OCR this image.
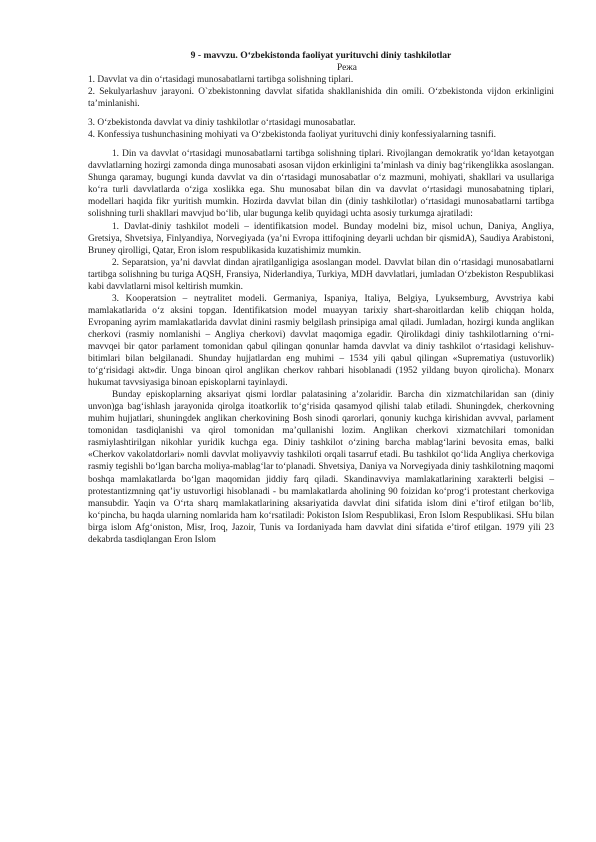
9 - mavvzu. O‘zbekistonda faoliyat yurituvchi diniy tashkilotlar

Режа

1. Davvlat va din o‘rtasidagi munosabatlarni tartibga solishning tiplari.

2. Sekulyarlashuv jarayoni. O`zbekistonning davvlat sifatida shakllanishida din omili. O‘zbekistonda vijdon erkinligini ta’minlanishi.

3. O‘zbekistonda davvlat va diniy tashkilotlar o‘rtasidagi munosabatlar.

4. Konfessiya tushunchasining mohiyati va O‘zbekistonda faoliyat yurituvchi diniy konfessiyalarning tasnifi.

1. Din va davvlat o‘rtasidagi munosabatlarni tartibga solishning tiplari. Rivojlangan demokratik yo‘ldan ketayotgan davvlatlarning hozirgi zamonda dinga munosabati asosan vijdon erkinligini ta’minlash va diniy bag‘rikenglikka asoslangan. Shunga qaramay, bugungi kunda davvlat va din o‘rtasidagi munosabatlar o‘z mazmuni, mohiyati, shakllari va usullariga ko‘ra turli davvlatlarda o‘ziga xoslikka ega. Shu munosabat bilan din va davvlat o‘rtasidagi munosabatning tiplari, modellari haqida fikr yuritish mumkin. Hozirda davvlat bilan din (diniy tashkilotlar) o‘rtasidagi munosabatlarni tartibga solishning turli shakllari mavvjud bo‘lib, ular bugunga kelib quyidagi uchta asosiy turkumga ajratiladi:

1. Davlat-diniy tashkilot modeli – identifikatsion model. Bunday modelni biz, misol uchun, Daniya, Angliya, Gretsiya, Shvetsiya, Finlyandiya, Norvegiyada (ya’ni Evropa ittifoqining deyarli uchdan bir qismidA), Saudiya Arabistoni, Bruney qirolligi, Qatar, Eron islom respublikasida kuzatishimiz mumkin.

2. Separatsion, ya’ni davvlat dindan ajratilganligiga asoslangan model. Davvlat bilan din o‘rtasidagi munosabatlarni tartibga solishning bu turiga AQSH, Fransiya, Niderlandiya, Turkiya, MDH davvlatlari, jumladan O‘zbekiston Respublikasi kabi davvlatlarni misol keltirish mumkin.

3. Kooperatsion – neytralitet modeli. Germaniya, Ispaniya, Italiya, Belgiya, Lyuksemburg, Avvstriya kabi mamlakatlarida o‘z aksini topgan. Identifikatsion model muayyan tarixiy shart-sharoitlardan kelib chiqqan holda, Evropaning ayrim mamlakatlarida davvlat dinini rasmiy belgilash prinsipiga amal qiladi. Jumladan, hozirgi kunda anglikan cherkovi (rasmiy nomlanishi – Angliya cherkovi) davvlat maqomiga egadir. Qirolikdagi diniy tashkilotlarning o‘rni-mavvqei bir qator parlament tomonidan qabul qilingan qonunlar hamda davvlat va diniy tashkilot o‘rtasidagi kelishuv-bitimlari bilan belgilanadi. Shunday hujjatlardan eng muhimi – 1534 yili qabul qilingan «Suprematiya (ustuvorlik) to‘g‘risidagi akt»dir. Unga binoan qirol anglikan cherkov rahbari hisoblanadi (1952 yildang buyon qirolicha). Monarx hukumat tavvsiyasiga binoan episkoplarni tayinlaydi.

Bunday episkoplarning aksariyat qismi lordlar palatasining a’zolaridir. Barcha din xizmatchilaridan san (diniy unvon)ga bag‘ishlash jarayonida qirolga itoatkorlik to‘g‘risida qasamyod qilishi talab etiladi. Shuningdek, cherkovning muhim hujjatlari, shuningdek anglikan cherkovining Bosh sinodi qarorlari, qonuniy kuchga kirishidan avvval, parlament tomonidan tasdiqlanishi va qirol tomonidan ma’qullanishi lozim. Anglikan cherkovi xizmatchilari tomonidan rasmiylashtirilgan nikohlar yuridik kuchga ega. Diniy tashkilot o‘zining barcha mablag‘larini bevosita emas, balki «Cherkov vakolatdorlari» nomli davvlat moliyavviy tashkiloti orqali tasarruf etadi. Bu tashkilot qo‘lida Angliya cherkoviga rasmiy tegishli bo‘lgan barcha moliya-mablag‘lar to‘planadi. Shvetsiya, Daniya va Norvegiyada diniy tashkilotning maqomi boshqa mamlakatlarda bo‘lgan maqomidan jiddiy farq qiladi. Skandinavviya mamlakatlarining xarakterli belgisi – protestantizmning qat’iy ustuvorligi hisoblanadi - bu mamlakatlarda aholining 90 foizidan ko‘prog‘i protestant cherkoviga mansubdir. Yaqin va O‘rta sharq mamlakatlarining aksariyatida davvlat dini sifatida islom dini e’tirof etilgan bo‘lib, ko‘pincha, bu haqda ularning nomlarida ham ko‘rsatiladi: Pokiston Islom Respublikasi, Eron Islom Respublikasi. SHu bilan birga islom Afg‘oniston, Misr, Iroq, Jazoir, Tunis va Iordaniyada ham davvlat dini sifatida e’tirof etilgan. 1979 yili 23 dekabrda tasdiqlangan Eron Islom
